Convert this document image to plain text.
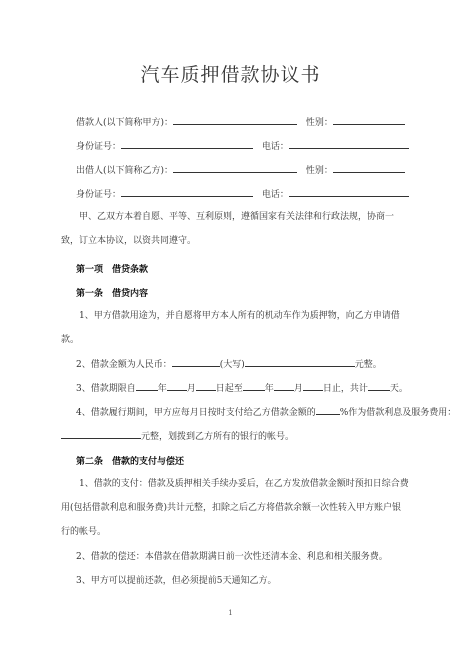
汽车质押借款协议书
借款人(以下简称甲方)：	性别：
身份证号：	电话：
出借人(以下简称乙方)：	性别：
身份证号：	电话：
甲、乙双方本着自愿、平等、互利原则，遵循国家有关法律和行政法规，协商一致，订立本协议，以资共同遵守。
第一项　借贷条款
第一条　借贷内容
1、甲方借款用途为，并自愿将甲方本人所有的机动车作为质押物，向乙方申请借款。
2、借款金额为人民币：	(大写)	元整。
3、借款期限自 年 月 日起至 年 月 日止，共计 天。
4、借款履行期间，甲方应每月日按时支付给乙方借款金额的	%作为借款利息及服务费用：
元整，划拨到乙方所有的银行的帐号。
第二条　借款的支付与偿还
1、借款的支付：借款及质押相关手续办妥后，在乙方发放借款金额时预扣日综合费用(包括借款利息和服务费)共计元整，扣除之后乙方将借款余额一次性转入甲方账户银行的帐号。
2、借款的偿还：本借款在借款期满日前一次性还清本金、利息和相关服务费。
3、甲方可以提前还款，但必须提前5天通知乙方。
1
